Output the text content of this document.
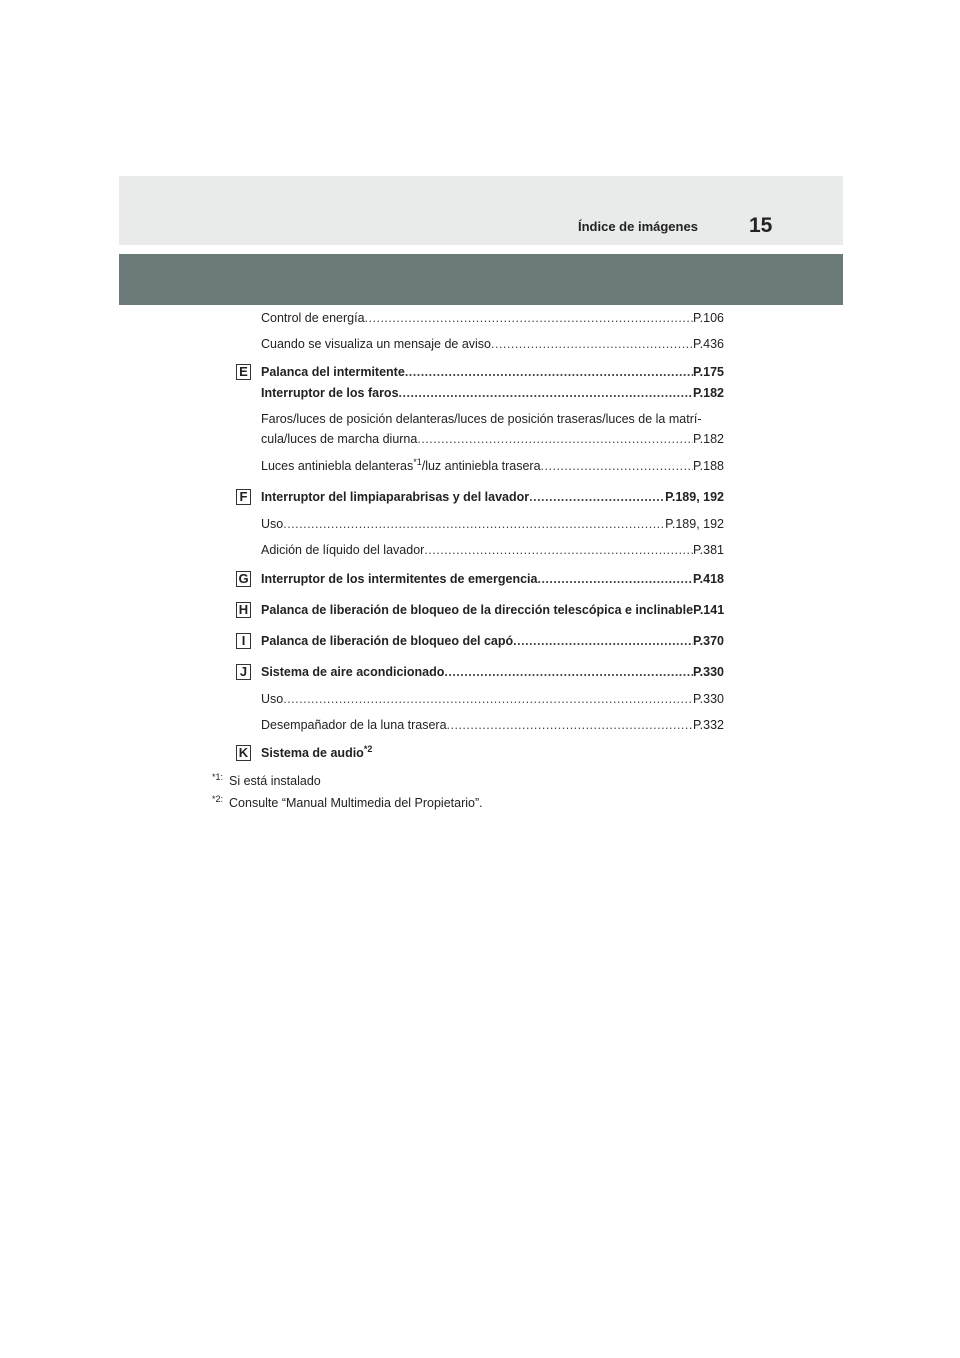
Índice de imágenes 15
Control de energía .....	P.106
Cuando se visualiza un mensaje de aviso .....	P.436
E Palanca del intermitente .....	P.175
Interruptor de los faros .....	P.182
Faros/luces de posición delanteras/luces de posición traseras/luces de la matrí-
cula/luces de marcha diurna .....	P.182
Luces antiniebla delanteras$^{*1}$/luz antiniebla trasera .....	P.188
F Interruptor del limpiaparabrisas y del lavador .....	P.189, 192
Uso .....	P.189, 192
Adición de líquido del lavador .....	P.381
G Interruptor de los intermitentes de emergencia .....	P.418
H Palanca de liberación de bloqueo de la dirección telescópica e inclinable P.141
I	Palanca de liberación de bloqueo del capó .....	P.370
J	Sistema de aire acondicionado .....	P.330
Uso .....	P.330
Desempañador de la luna trasera .....	P.332
K Sistema de audio$^{*2}$
$^{*1:}$ Si está instalado
$^{*2:}$ Consulte “Manual Multimedia del Propietario”.
